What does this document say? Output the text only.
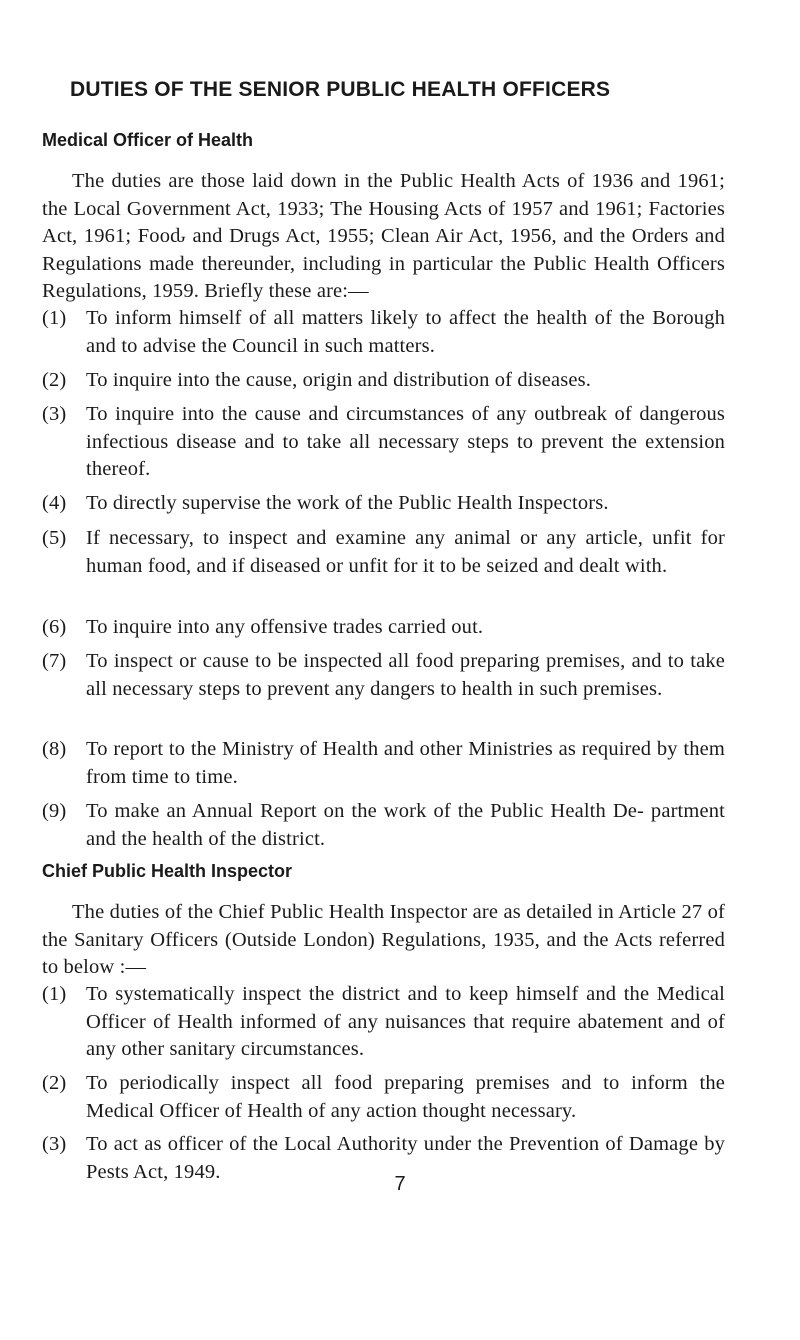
DUTIES OF THE SENIOR PUBLIC HEALTH OFFICERS
Medical Officer of Health

The duties are those laid down in the Public Health Acts of 1936 and 1961; the Local Government Act, 1933; The Housing Acts of 1957 and 1961; Factories Act, 1961; Fooԃ and Drugs Act, 1955; Clean Air Act, 1956, and the Orders and Regulations made thereunder, including in particular the Public Health Officers Regulations, 1959. Briefly these are:—

(1) To inform himself of all matters likely to affect the health of the Borough and to advise the Council in such matters.
(2) To inquire into the cause, origin and distribution of diseases.
(3) To inquire into the cause and circumstances of any outbreak of dangerous infectious disease and to take all necessary steps to prevent the extension thereof.
(4) To directly supervise the work of the Public Health Inspectors.
(5) If necessary, to inspect and examine any animal or any article, unfit for human food, and if diseased or unfit for it to be seized and dealt with.
(6) To inquire into any offensive trades carried out.
(7) To inspect or cause to be inspected all food preparing premises, and to take all necessary steps to prevent any dangers to health in such premises.
(8) To report to the Ministry of Health and other Ministries as required by them from time to time.
(9) To make an Annual Report on the work of the Public Health De- partment and the health of the district.
Chief Public Health Inspector

The duties of the Chief Public Health Inspector are as detailed in Article 27 of the Sanitary Officers (Outside London) Regulations, 1935, and the Acts referred to below :—

(1) To systematically inspect the district and to keep himself and the Medical Officer of Health informed of any nuisances that require abatement and of any other sanitary circumstances.
(2) To periodically inspect all food preparing premises and to inform the Medical Officer of Health of any action thought necessary.
(3) To act as officer of the Local Authority under the Prevention of Damage by Pests Act, 1949.
7
